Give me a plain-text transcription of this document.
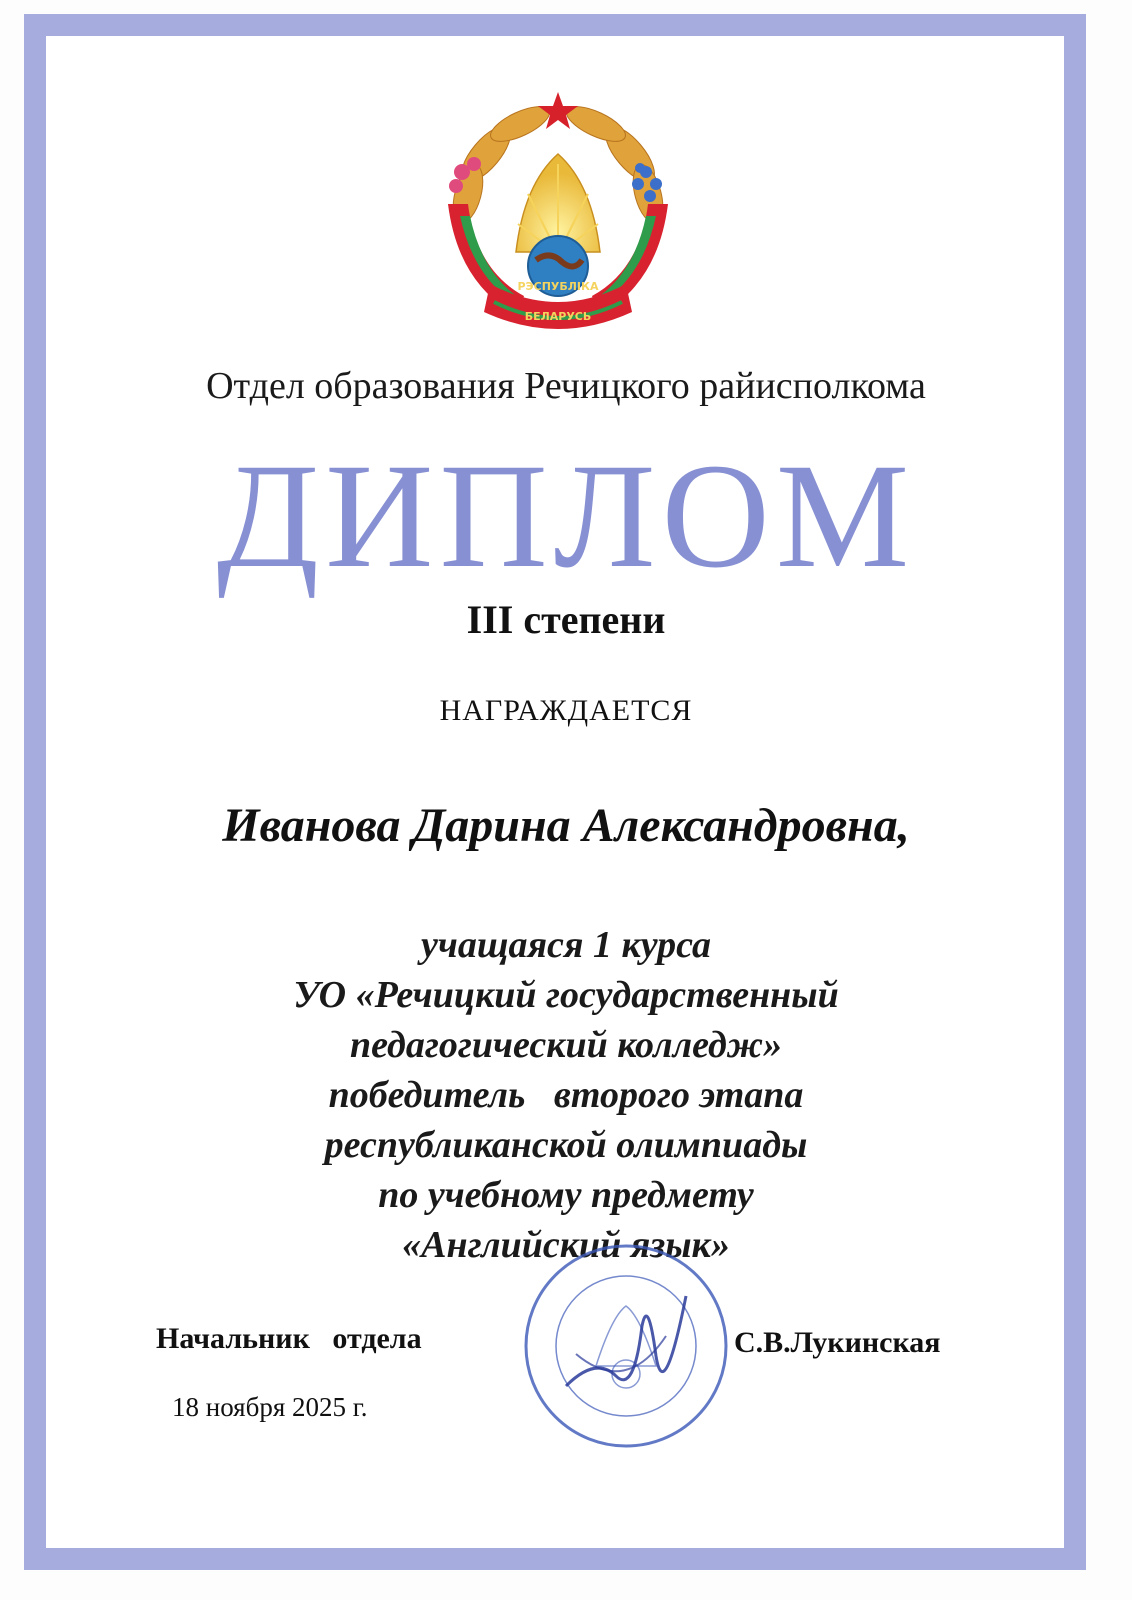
РЭСПУБЛІКА
БЕЛАРУСЬ
Отдел образования Речицкого райисполкома
ДИПЛОМ
III степени
НАГРАЖДАЕТСЯ
Иванова Дарина Александровна,
учащаяся 1 курса
УО «Речицкий государственный
педагогический колледж»
победитель   второго этапа
республиканской олимпиады
по учебному предмету
«Английский язык»
Начальник   отдела	С.В.Лукинская
18 ноября 2025 г.
